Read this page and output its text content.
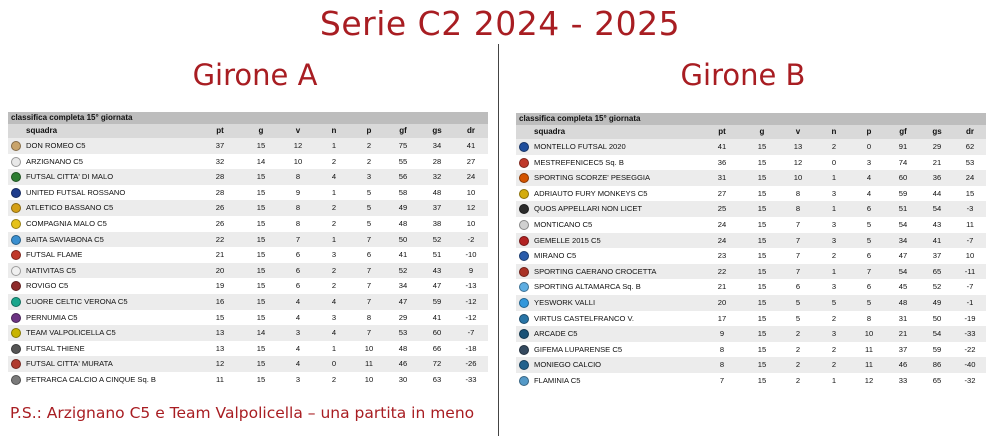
Serie C2 2024 - 2025
Girone A	Girone B
classifica completa 15° giornata								
squadra	pt	g	v	n	p	gf	gs	dr
DON ROMEO C5	37	15	12	1	2	75	34	41
ARZIGNANO C5	32	14	10	2	2	55	28	27
FUTSAL CITTA' DI MALO	28	15	8	4	3	56	32	24
UNITED FUTSAL ROSSANO	28	15	9	1	5	58	48	10
ATLETICO BASSANO C5	26	15	8	2	5	49	37	12
COMPAGNIA MALO C5	26	15	8	2	5	48	38	10
BAITA SAVIABONA C5	22	15	7	1	7	50	52	-2
FUTSAL FLAME	21	15	6	3	6	41	51	-10
NATIVITAS C5	20	15	6	2	7	52	43	9
ROVIGO C5	19	15	6	2	7	34	47	-13
CUORE CELTIC VERONA C5	16	15	4	4	7	47	59	-12
PERNUMIA C5	15	15	4	3	8	29	41	-12
TEAM VALPOLICELLA C5	13	14	3	4	7	53	60	-7
FUTSAL THIENE	13	15	4	1	10	48	66	-18
FUTSAL CITTA' MURATA	12	15	4	0	11	46	72	-26
PETRARCA CALCIO A CINQUE Sq. B	11	15	3	2	10	30	63	-33
classifica completa 15° giornata								
squadra	pt	g	v	n	p	gf	gs	dr
MONTELLO FUTSAL 2020	41	15	13	2	0	91	29	62
MESTREFENICEC5 Sq. B	36	15	12	0	3	74	21	53
SPORTING SCORZE' PESEGGIA	31	15	10	1	4	60	36	24
ADRIAUTO FURY MONKEYS C5	27	15	8	3	4	59	44	15
QUOS APPELLARI NON LICET	25	15	8	1	6	51	54	-3
MONTICANO C5	24	15	7	3	5	54	43	11
GEMELLE 2015 C5	24	15	7	3	5	34	41	-7
MIRANO C5	23	15	7	2	6	47	37	10
SPORTING CAERANO CROCETTA	22	15	7	1	7	54	65	-11
SPORTING ALTAMARCA Sq. B	21	15	6	3	6	45	52	-7
YESWORK VALLI	20	15	5	5	5	48	49	-1
VIRTUS CASTELFRANCO V.	17	15	5	2	8	31	50	-19
ARCADE C5	9	15	2	3	10	21	54	-33
GIFEMA LUPARENSE C5	8	15	2	2	11	37	59	-22
MONIEGO CALCIO	8	15	2	2	11	46	86	-40
FLAMINIA C5	7	15	2	1	12	33	65	-32
P.S.: Arzignano C5 e Team Valpolicella – una partita in meno
